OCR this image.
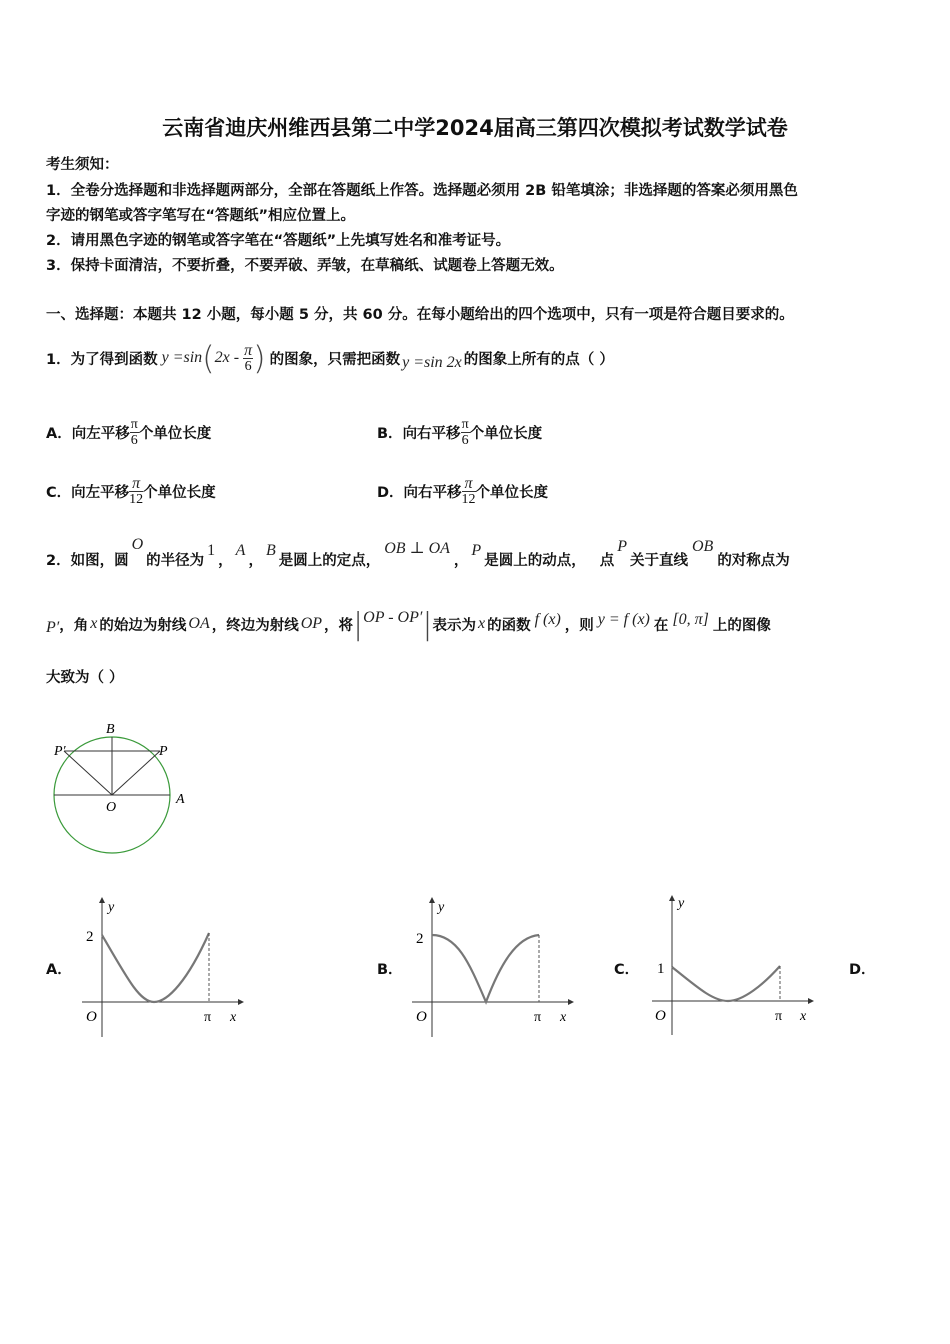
云南省迪庆州维西县第二中学2024届高三第四次模拟考试数学试卷
考生须知：
1．全卷分选择题和非选择题两部分，全部在答题纸上作答。选择题必须用 2B 铅笔填涂；非选择题的答案必须用黑色
字迹的钢笔或答字笔写在“答题纸”相应位置上。
2．请用黑色字迹的钢笔或答字笔在“答题纸”上先填写姓名和准考证号。
3．保持卡面清洁，不要折叠，不要弄破、弄皱，在草稿纸、试题卷上答题无效。
一、选择题：本题共 12 小题，每小题 5 分，共 60 分。在每小题给出的四个选项中，只有一项是符合题目要求的。
1．为了得到函数 y =sin ( $2x - \frac{\pi}{6}$ ) 的图象，只需把函数 y =sin 2x 的图象上所有的点（ ）
A． 向左平移 $\frac{\pi}{6}$ 个单位长度	B． 向右平移 $\frac{\pi}{6}$ 个单位长度
C． 向左平移 $\frac{\pi}{12}$ 个单位长度	D． 向右平移 $\frac{\pi}{12}$ 个单位长度
2．如图，圆
O
的半径为
1
，
A
，
B
是圆上的定点，
OB ⊥ OA
，
P
是圆上的动点， 点
P
关于直线
OB
的对称点为
P′ ，角 x 的始边为射线 OA ，终边为射线 OP ，将 | OP - OP′ | 表示为 x 的函数 f (x) ，则 y = f (x) 在 [0, π] 上的图像
大致为（ ）
B
P′	P
O
A
A．
y
2
O	π x
B．
y
2
O	π x
C．
y
1
O	π x
D．
